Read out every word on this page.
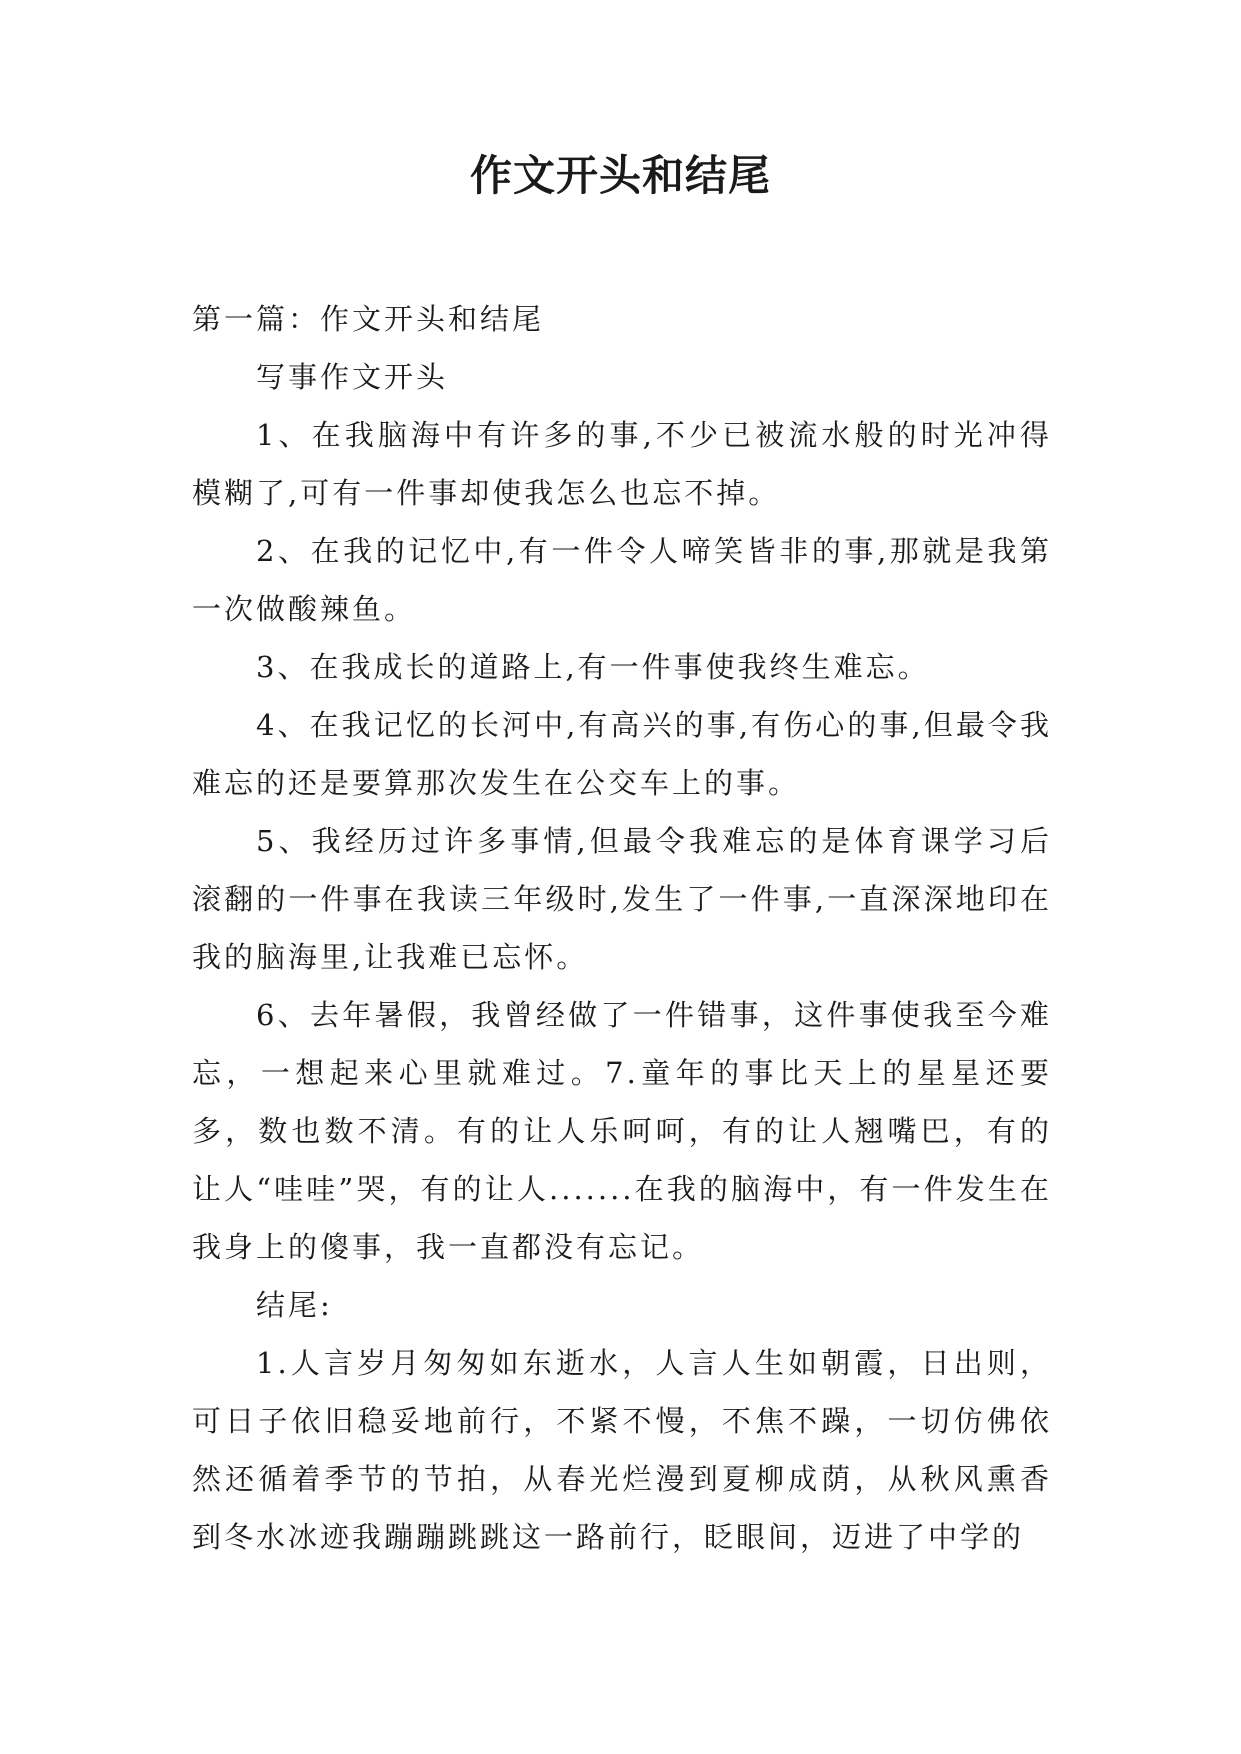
作文开头和结尾

第一篇：作文开头和结尾

写事作文开头

1、在我脑海中有许多的事,不少已被流水般的时光冲得模糊了,可有一件事却使我怎么也忘不掉。

2、在我的记忆中,有一件令人啼笑皆非的事,那就是我第一次做酸辣鱼。

3、在我成长的道路上,有一件事使我终生难忘。

4、在我记忆的长河中,有高兴的事,有伤心的事,但最令我难忘的还是要算那次发生在公交车上的事。

5、我经历过许多事情,但最令我难忘的是体育课学习后滚翻的一件事在我读三年级时,发生了一件事,一直深深地印在我的脑海里,让我难已忘怀。

6、去年暑假，我曾经做了一件错事，这件事使我至今难忘，一想起来心里就难过。7.童年的事比天上的星星还要多，数也数不清。有的让人乐呵呵，有的让人翘嘴巴，有的让人“哇哇”哭，有的让人.......在我的脑海中，有一件发生在我身上的傻事，我一直都没有忘记。

结尾:

1.人言岁月匆匆如东逝水，人言人生如朝霞，日出则，可日子依旧稳妥地前行，不紧不慢，不焦不躁，一切仿佛依然还循着季节的节拍，从春光烂漫到夏柳成荫，从秋风熏香到冬水冰迹我蹦蹦跳跳这一路前行，眨眼间，迈进了中学的
